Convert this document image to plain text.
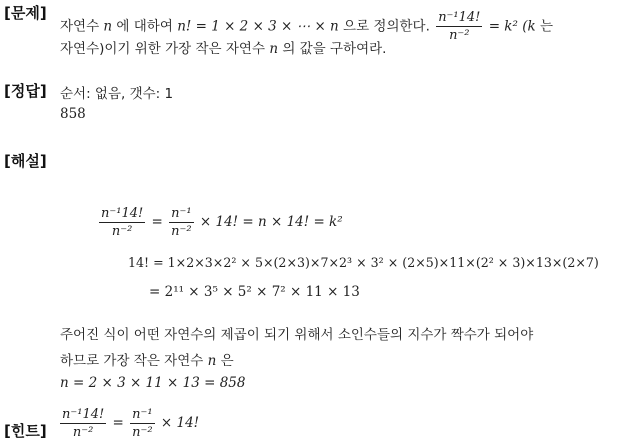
[문제]
자연수 n 에 대하여 n! = 1 × 2 × 3 × ⋯ × n 으로 정의한다. $\frac{\text{n⁻¹14!}}{\text{n⁻²}} = k^2$ (k 는
자연수)이기 위한 가장 작은 자연수 n 의 값을 구하여라.
[정답] 순서: 없음, 갯수: 1
858
[해설]
$\frac{\text{n⁻¹14!}}{\text{n⁻²}} = \frac{\text{n⁻¹}}{\text{n⁻²}} \times 14$! = n × 14! = k²
14! = 1×2×3×2² × 5×(2×3)×7×2³ × 3² × (2×5)×11×(2² × 3)×13×(2×7)
= 2¹¹ × 3⁵ × 5² × 7² × 11 × 13
주어진 식이 어떤 자연수의 제곱이 되기 위해서 소인수들의 지수가 짝수가 되어야
하므로 가장 작은 자연수 n 은
n = 2 × 3 × 11 × 13 = 858
[힌트] $\frac{\text{n⁻¹14!}}{\text{n⁻²}} = \frac{\text{n⁻¹}}{\text{n⁻²}} \times 14$!
